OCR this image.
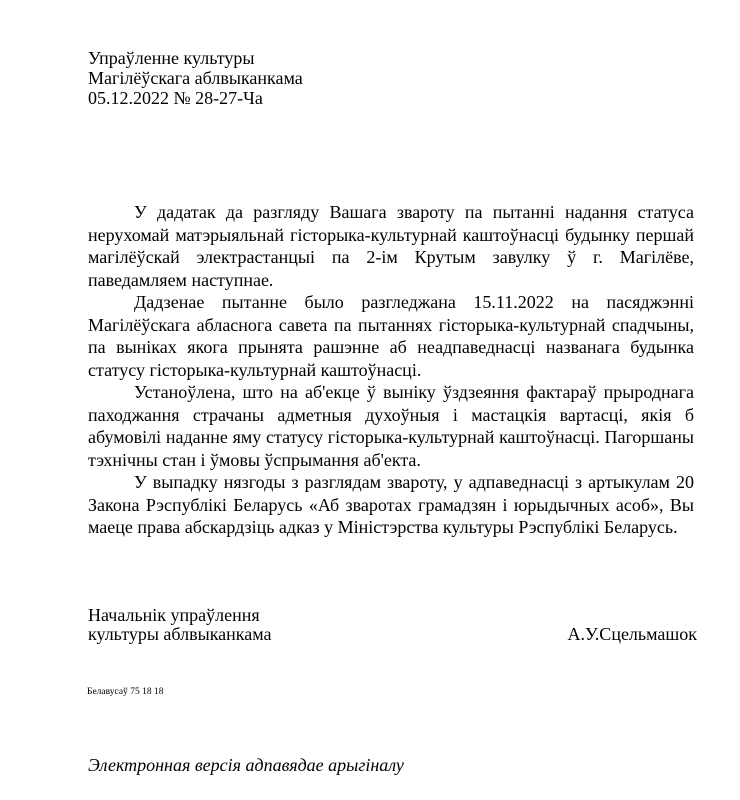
Упраўленне культуры
Магілёўскага аблвыканкама
05.12.2022 № 28-27-Ча

У дадатак да разгляду Вашага звароту па пытанні надання статуса нерухомай матэрыяльнай гісторыка-культурнай каштоўнасці будынку першай магілёўскай электрастанцыі па 2-ім Крутым завулку ў г. Магілёве, паведамляем наступнае.

Дадзенае пытанне было разгледжана 15.11.2022 на пасяджэнні Магілёўскага абласнога савета па пытаннях гісторыка-культурнай спадчыны, па выніках якога прынята рашэнне аб неадпаведнасці названага будынка статусу гісторыка-культурнай каштоўнасці.

Устаноўлена, што на аб'екце ў выніку ўздзеяння фактараў прыроднага паходжання страчаны адметныя духоўныя і мастацкія вартасці, якія б абумовілі наданне яму статусу гісторыка-культурнай каштоўнасці. Пагоршаны тэхнічны стан і ўмовы ўспрымання аб'екта.

У выпадку нязгоды з разглядам звароту, у адпаведнасці з артыкулам 20 Закона Рэспублікі Беларусь «Аб зваротах грамадзян і юрыдычных асоб», Вы маеце права абскардзіць адказ у Міністэрства культуры Рэспублікі Беларусь.

Начальнік упраўлення
культуры аблвыканкама	А.У.Сцельмашок
Белавусаў 75 18 18
Электронная версія адпавядае арыгіналу
